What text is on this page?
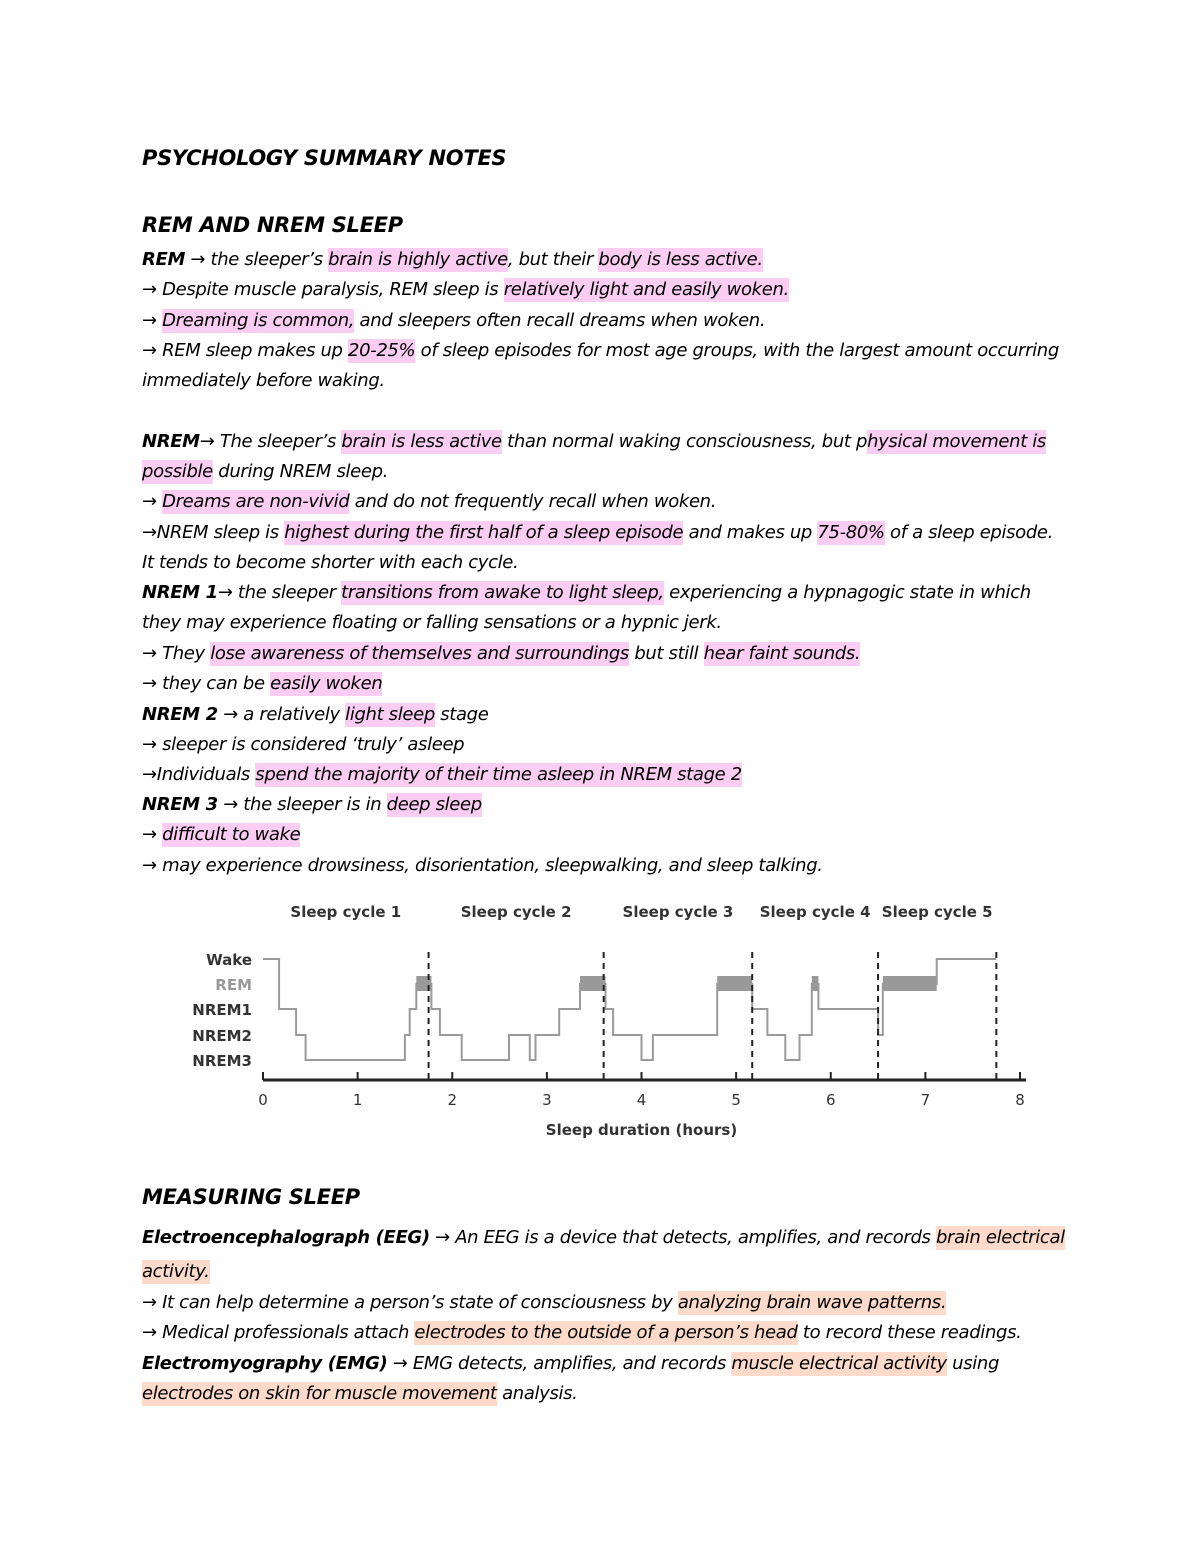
PSYCHOLOGY SUMMARY NOTES
REM AND NREM SLEEP
REM → the sleeper’s brain is highly active, but their body is less active.
→ Despite muscle paralysis, REM sleep is relatively light and easily woken.
→ Dreaming is common, and sleepers often recall dreams when woken.
→ REM sleep makes up 20-25% of sleep episodes for most age groups, with the largest amount occurring
immediately before waking.
NREM→ The sleeper’s brain is less active than normal waking consciousness, but physical movement is
possible during NREM sleep.
→ Dreams are non-vivid and do not frequently recall when woken.
→NREM sleep is highest during the first half of a sleep episode and makes up 75-80% of a sleep episode.
It tends to become shorter with each cycle.
NREM 1→ the sleeper transitions from awake to light sleep, experiencing a hypnagogic state in which
they may experience floating or falling sensations or a hypnic jerk.
→ They lose awareness of themselves and surroundings but still hear faint sounds.
→ they can be easily woken
NREM 2 → a relatively light sleep stage
→ sleeper is considered ‘truly’ asleep
→Individuals spend the majority of their time asleep in NREM stage 2
NREM 3 → the sleeper is in deep sleep
→ difficult to wake
→ may experience drowsiness, disorientation, sleepwalking, and sleep talking.
Sleep cycle 1	Sleep cycle 2	Sleep cycle 3 Sleep cycle 4 Sleep cycle 5
Wake
REM
NREM1
NREM2
NREM3
0	1	2	3	4	5	6	7	8
Sleep duration (hours)
MEASURING SLEEP
Electroencephalograph (EEG) → An EEG is a device that detects, amplifies, and records brain electrical
activity.
→ It can help determine a person’s state of consciousness by analyzing brain wave patterns.
→ Medical professionals attach electrodes to the outside of a person’s head to record these readings.
Electromyography (EMG) → EMG detects, amplifies, and records muscle electrical activity using
electrodes on skin for muscle movement analysis.
